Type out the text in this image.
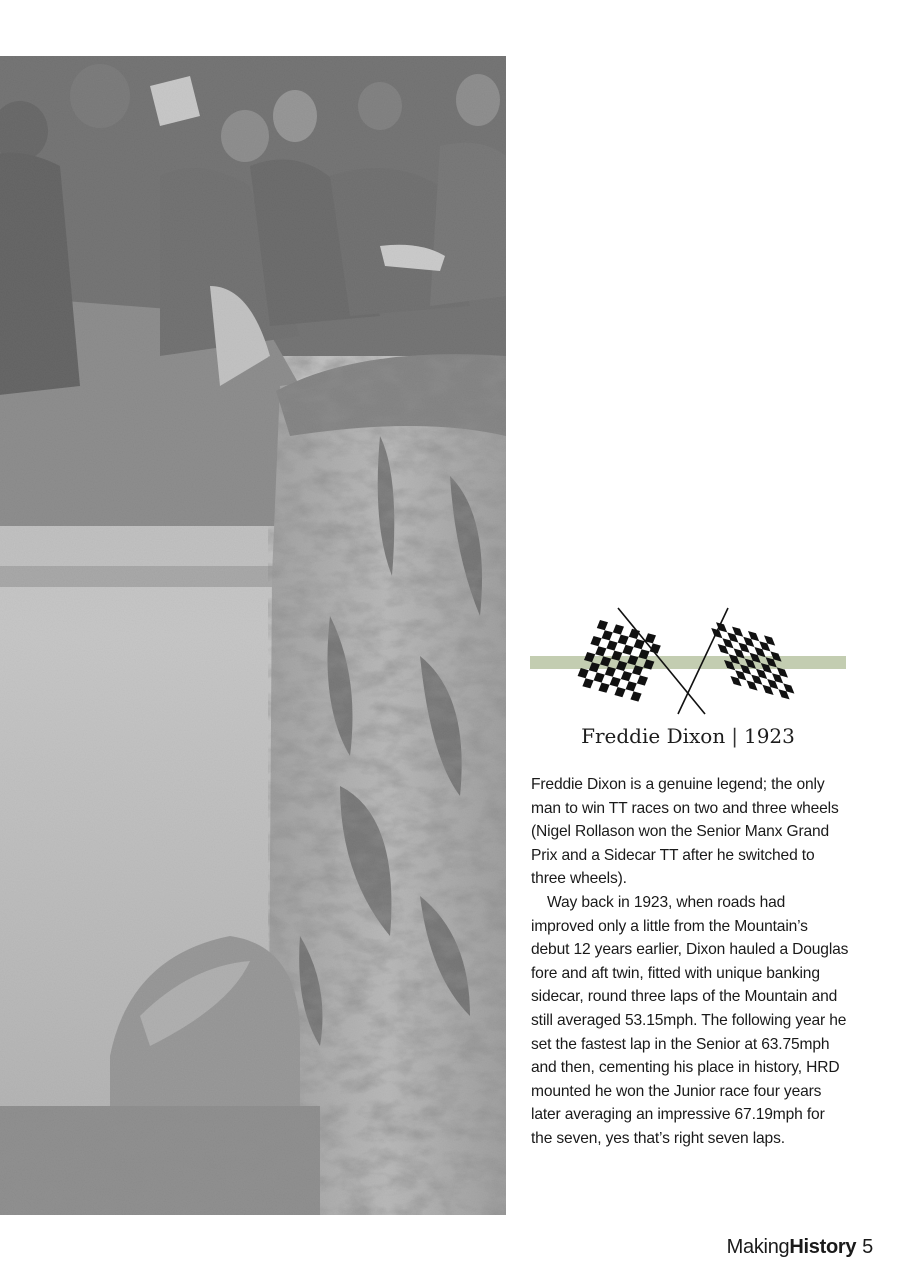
Freddie Dixon | 1923

Freddie Dixon is a genuine legend; the only man to win TT races on two and three wheels (Nigel Rollason won the Senior Manx Grand Prix and a Sidecar TT after he switched to three wheels).

Way back in 1923, when roads had improved only a little from the Mountain’s debut 12 years earlier, Dixon hauled a Douglas fore and aft twin, fitted with unique banking sidecar, round three laps of the Mountain and still averaged 53.15mph. The following year he set the fastest lap in the Senior at 63.75mph and then, cementing his place in history, HRD mounted he won the Junior race four years later averaging an impressive 67.19mph for the seven, yes that’s right seven laps.

MakingHistory 5
